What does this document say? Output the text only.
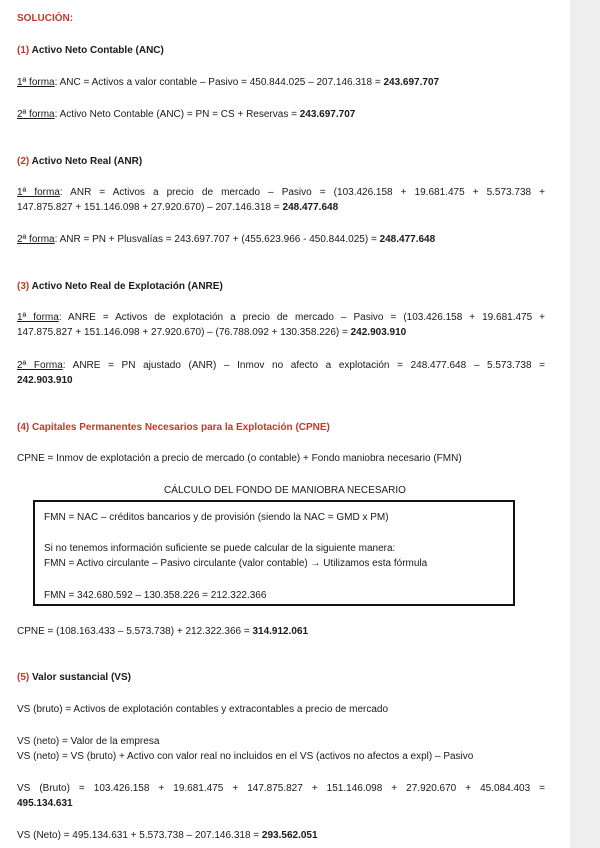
SOLUCIÓN:
(1) Activo Neto Contable (ANC)
1ª forma: ANC = Activos a valor contable – Pasivo = 450.844.025 – 207.146.318 = 243.697.707
2ª forma: Activo Neto Contable (ANC) = PN = CS + Reservas = 243.697.707
(2) Activo Neto Real (ANR)
1ª forma: ANR = Activos a precio de mercado – Pasivo = (103.426.158 + 19.681.475 + 5.573.738 +
147.875.827 + 151.146.098 + 27.920.670) – 207.146.318 = 248.477.648
2ª forma: ANR = PN + Plusvalías = 243.697.707 + (455.623.966 - 450.844.025) = 248.477.648
(3) Activo Neto Real de Explotación (ANRE)
1ª forma: ANRE = Activos de explotación a precio de mercado – Pasivo = (103.426.158 + 19.681.475 +
147.875.827 + 151.146.098 + 27.920.670) – (76.788.092 + 130.358.226) = 242.903.910
2ª Forma: ANRE = PN ajustado (ANR) – Inmov no afecto a explotación = 248.477.648 – 5.573.738 =
242.903.910
(4) Capitales Permanentes Necesarios para la Explotación (CPNE)
CPNE = Inmov de explotación a precio de mercado (o contable) + Fondo maniobra necesario (FMN)
CÁLCULO DEL FONDO DE MANIOBRA NECESARIO
FMN = NAC – créditos bancarios y de provisión (siendo la NAC = GMD x PM)
Si no tenemos información suficiente se puede calcular de la siguiente manera:
FMN = Activo circulante – Pasivo circulante (valor contable) → Utilizamos esta fórmula
FMN = 342.680.592 – 130.358.226 = 212.322.366
CPNE = (108.163.433 – 5.573.738) + 212.322.366 = 314.912.061
(5) Valor sustancial (VS)
VS (bruto) = Activos de explotación contables y extracontables a precio de mercado
VS (neto) = Valor de la empresa
VS (neto) = VS (bruto) + Activo con valor real no incluidos en el VS (activos no afectos a expl) – Pasivo
VS (Bruto) = 103.426.158 + 19.681.475 + 147.875.827 + 151.146.098 + 27.920.670 + 45.084.403 =
495.134.631
VS (Neto) = 495.134.631 + 5.573.738 – 207.146.318 = 293.562.051
